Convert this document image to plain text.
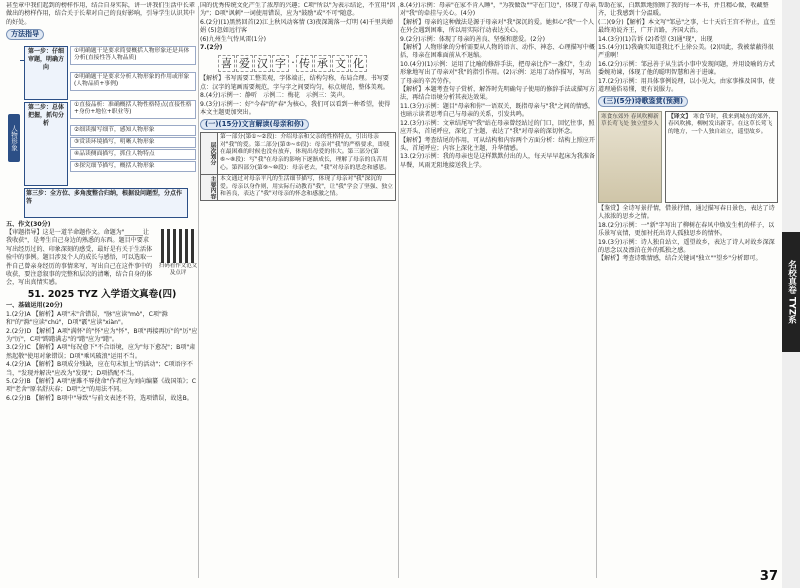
甚至章中我们起到的榜样作用，结合自身实际，讲一讲我们生活中长辈做出的榜样作用，结合关于长辈对自己的良好影响，引导学生认识其中的好处。

方法指导
人物形象
第一步：仔细审题，明确方向
①明确题干是要求简要概括人物形象还是具体分析(直接性答人物品质)
②明确题干是要求分析人物形象的作用或形象(人物品质+事例)
第二步：总体把握，抓句分析
①直接品析：准确概括人物性格特点(直接性格+身份+地位+职业等)
②细读描写细节，感知人物形象
③赏读环境描写，明晰人物形象
④品读侧面描写，抓住人物特点
⑤探究细节描写，概括人物形象
第三步：全方位、多角度整合归纳，根据设问题型，分点作答

五、作文(30分)

扫码看作文范文及点评

【审题指导】这是一道半命题作文。命题为"______让我收获"，是考生自己身边的熟悉的东西。题目中要求写出经历过的、印象深刻的感受，最好是有关于生活体验中的事例。题目涉及个人的成长与感悟，可以选取一件自己曾亲身经历的事情来写，写出自己在这件事中的收获，要注意叙事的完整和层次的清晰，结合自身的体会，写出真情实感。

51. 2025 TYZ 入学语文真卷(四)

一、基础运用(20分)

1.(2分)A 【解析】A项"末"含错误，"脉"应读"mò"，C项"滁和"的"滁"应读"chú"，D项"霰"应读"xiàn"。

2.(2分)D 【解析】A项"满怀"的"怀"应为"怀"，B项"再接再厉"的"厉"应为"厉"，C项"踌躇满志"的"躇"应为"躇"。

3.(2分)C 【解析】A项"每况愈下"不合语境，应为"每下愈况"；B项"肃然起敬"使用对象错误；D项"乘风破浪"运用不当。

4.(2分)A 【解析】B项成分残缺，应在句末加上"的活动"；C项语序不当，"发现并解决"应改为"发现"；D项搭配不当。

5.(2分)B 【解析】A项"唐雎不辱使命"作者应为刘向编纂《战国策》；C项"老舍"原名舒庆春；D项"之"的用法不同。

6.(2分)B 【解析】B项中"导致"与前文表述不符，选项错误，故选B。

国的优秀传统文化产生了浓厚的兴趣；C项"所以"为表示结论，不宜用"因为"；D项"讽刺"一词使用错误，应为"鼓励"或"不可"随意。

6.(2分)(1)黑然回首(2)江上秋风动客情 (3)夜深篱落一灯明 (4)千里共婵娟 (5)忽如远行客

(6)九州生气恃风雷(1分)

7.(2分)

喜 爱 汉 字 · 传 承 文 化

【解析】书写需要工整美观，字体端正，结构匀称，布局合理。书写要点：汉字的笔画需要规范，字与字之间要均匀，标点规范，整体美观。

8.(4分)示例一：静听　示例二：梅花　示例三：笑声。

9.(3分)示例一：好"今春"的"春"为核心，我们可以看到一种希望，使得本文主题更加突出。

(一)(15分)文言解读(母亲和你)
层次划分	第一部分(第①~②段)：介绍母亲和父亲的性格特点，引出母亲对"我"的爱。第二部分(第③~⑤段)：母亲对"我"的严格要求，即使在最困难的时候也没有放弃，体现出母爱的伟大。第三部分(第⑥~⑧段)：写"我"在母亲的影响下逐渐成长，理解了母亲的良苦用心。第四部分(第⑨~⑩段)：母亲老去，"我"对母亲的思念和感恩。
主要内容	本文通过对母亲平凡的生活细节描写，体现了母亲对"我"深沉的爱。母亲以身作则，用实际行动教育"我"，让"我"学会了坚强、独立和善良，表达了"我"对母亲的怀念和感激之情。

8.(4分)示例：母亲"在家不肯入睡"，"为我做饭""守在门边"，体现了母亲对"我"的牵挂与关心。(4分)

【解析】母亲的这种做法是源于母亲对"我"深沉的爱。她担心"我"一个人在外会遇到困难，所以用实际行动表达关心。

9.(2分)示例：体现了母亲的善良、坚强和慈爱。(2分)

【解析】人物形象的分析需要从人物的语言、动作、神态、心理描写中概括，母亲在困难面前从不退缩。

10.(4分)(1)示例：运用了比喻的修辞手法，把母亲比作"一盏灯"，生动形象地写出了母亲对"我"的指引作用。(2)示例：运用了动作描写，写出了母亲的辛苦劳作。

【解析】本题考查句子赏析，解答时先明确句子使用的修辞手法或描写方法，再结合语境分析其表达效果。

11.(3分)示例：题目"母亲和你"一语双关，既指母亲与"我"之间的情感，也暗示读者思考自己与母亲的关系，引发共鸣。

12.(3分)示例：文章结尾写"我"站在母亲曾经站过的门口，回忆往事，照应开头，首尾呼应，深化了主题，表达了"我"对母亲的深切怀念。

【解析】考查结尾的作用，可从结构和内容两个方面分析：结构上照应开头、首尾呼应；内容上深化主题，升华情感。

13.(2分)示例：我的母亲也是这样默默付出的人，每天早早起床为我准备早餐，风雨无阻地接送我上学。

帮助在家，白默默地照顾了我的每一本书，并且精心做，收藏整齐，让我感到十分温暖。

(二)(9分)【解析】本文写"邹忌"之事，七十天后王宫不停止，直至最终劝说齐王，广开言路，齐国大治。

14.(3分)(1)告诉 (2)希望 (3)通"现"，出现

15.(4分)(1)我确实知道我比不上徐公美。(2)因此，我被蒙蔽得很严重啊！

16.(2分)示例：邹忌善于从生活小事中发现问题，并用设喻的方式委婉劝谏，体现了他的聪明智慧和善于进谏。

17.(2分)示例：用具体事例说理，以小见大，由家事推及国事，使道理通俗易懂，更有说服力。

(三)(5分)诗歌鉴赏(预测)
寒食东郊外 春风吹柳新 草长莺飞处 独立望乡人
【译文】 寒食节时，我来到城东的郊外，春风吹拂，柳树发出新芽。在这草长莺飞的地方，一个人独自站立，遥望故乡。

【鉴赏】全诗写景抒情，借景抒情，通过描写春日景色，表达了诗人浓浓的思乡之情。

18.(2分)示例：一"新"字写出了柳树在春风中焕发生机的样子，以乐景写哀情，更加衬托出诗人孤独思乡的情怀。

19.(3分)示例：诗人独自站立，遥望故乡，表达了诗人对故乡深深的思念以及漂泊在外的孤独之感。

【解析】考查诗歌情感，结合关键词"独立""望乡"分析即可。

名校真卷 TYZ系
37
